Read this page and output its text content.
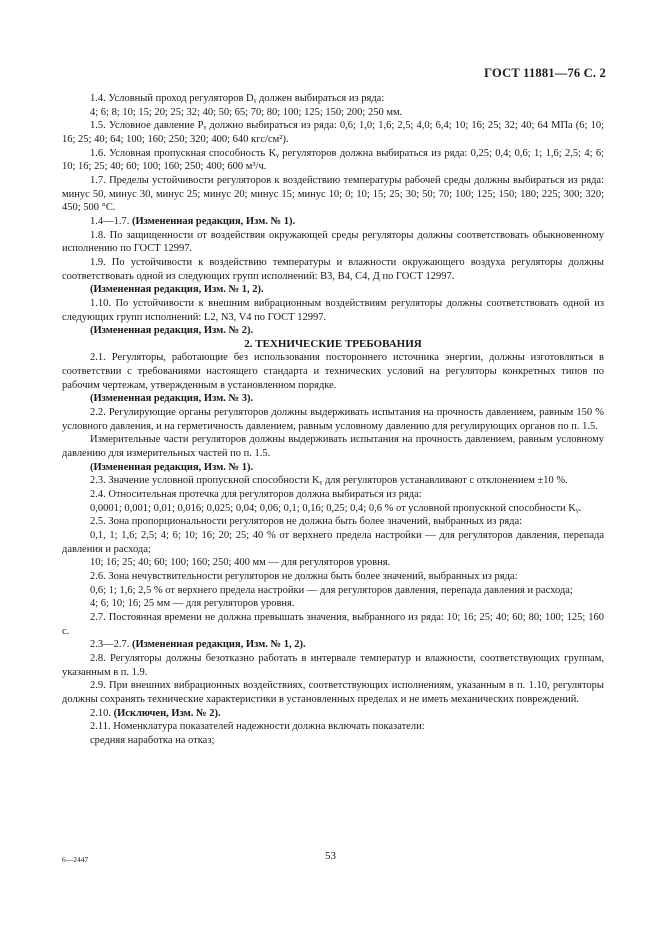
ГОСТ 11881—76 С. 2

1.4. Условный проход регуляторов Dᵧ должен выбираться из ряда:

4; 6; 8; 10; 15; 20; 25; 32; 40; 50; 65; 70; 80; 100; 125; 150; 200; 250 мм.

1.5. Условное давление Pᵧ должно выбираться из ряда: 0,6; 1,0; 1,6; 2,5; 4,0; 6,4; 10; 16; 25; 32; 40; 64 МПа (6; 10; 16; 25; 40; 64; 100; 160; 250; 320; 400; 640 кгс/см²).

1.6. Условная пропускная способность Kᵧ регуляторов должна выбираться из ряда: 0,25; 0,4; 0,6; 1; 1,6; 2,5; 4; 6; 10; 16; 25; 40; 60; 100; 160; 250; 400; 600 м³/ч.

1.7. Пределы устойчивости регуляторов к воздействию температуры рабочей среды должны выбираться из ряда: минус 50, минус 30, минус 25; минус 20; минус 15; минус 10; 0; 10; 15; 25; 30; 50; 70; 100; 125; 150; 180; 225; 300; 320; 450; 500 °С.

1.4—1.7. (Измененная редакция, Изм. № 1).

1.8. По защищенности от воздействия окружающей среды регуляторы должны соответствовать обыкновенному исполнению по ГОСТ 12997.

1.9. По устойчивости к воздействию температуры и влажности окружающего воздуха регуляторы должны соответствовать одной из следующих групп исполнений: В3, В4, С4, Д по ГОСТ 12997.

(Измененная редакция, Изм. № 1, 2).

1.10. По устойчивости к внешним вибрационным воздействиям регуляторы должны соответствовать одной из следующих групп исполнений: L2, N3, V4 по ГОСТ 12997.

(Измененная редакция, Изм. № 2).

2. ТЕХНИЧЕСКИЕ ТРЕБОВАНИЯ

2.1. Регуляторы, работающие без использования постороннего источника энергии, должны изготовляться в соответствии с требованиями настоящего стандарта и технических условий на регуляторы конкретных типов по рабочим чертежам, утвержденным в установленном порядке.

(Измененная редакция, Изм. № 3).

2.2. Регулирующие органы регуляторов должны выдерживать испытания на прочность давлением, равным 150 % условного давления, и на герметичность давлением, равным условному давлению для регулирующих органов по п. 1.5.

Измерительные части регуляторов должны выдерживать испытания на прочность давлением, равным условному давлению для измерительных частей по п. 1.5.

(Измененная редакция, Изм. № 1).

2.3. Значение условной пропускной способности Kᵧ для регуляторов устанавливают с отклонением ±10 %.

2.4. Относительная протечка для регуляторов должна выбираться из ряда:

0,0001; 0,001; 0,01; 0,016; 0,025; 0,04; 0,06; 0,1; 0,16; 0,25; 0,4; 0,6 % от условной пропускной способности Kᵧ.

2.5. Зона пропорциональности регуляторов не должна быть более значений, выбранных из ряда:

0,1, 1; 1,6; 2,5; 4; 6; 10; 16; 20; 25; 40 % от верхнего предела настройки — для регуляторов давления, перепада давления и расхода;

10; 16; 25; 40; 60; 100; 160; 250; 400 мм — для регуляторов уровня.

2.6. Зона нечувствительности регуляторов не должна быть более значений, выбранных из ряда:

0,6; 1; 1,6; 2,5 % от верхнего предела настройки — для регуляторов давления, перепада давления и расхода;

4; 6; 10; 16; 25 мм — для регуляторов уровня.

2.7. Постоянная времени не должна превышать значения, выбранного из ряда: 10; 16; 25; 40; 60; 80; 100; 125; 160 с.

2.3—2.7. (Измененная редакция, Изм. № 1, 2).

2.8. Регуляторы должны безотказно работать в интервале температур и влажности, соответствующих группам, указанным в п. 1.9.

2.9. При внешних вибрационных воздействиях, соответствующих исполнениям, указанным в п. 1.10, регуляторы должны сохранять технические характеристики в установленных пределах и не иметь механических повреждений.

2.10. (Исключен, Изм. № 2).

2.11. Номенклатура показателей надежности должна включать показатели:

средняя наработка на отказ;

6—2447	53
